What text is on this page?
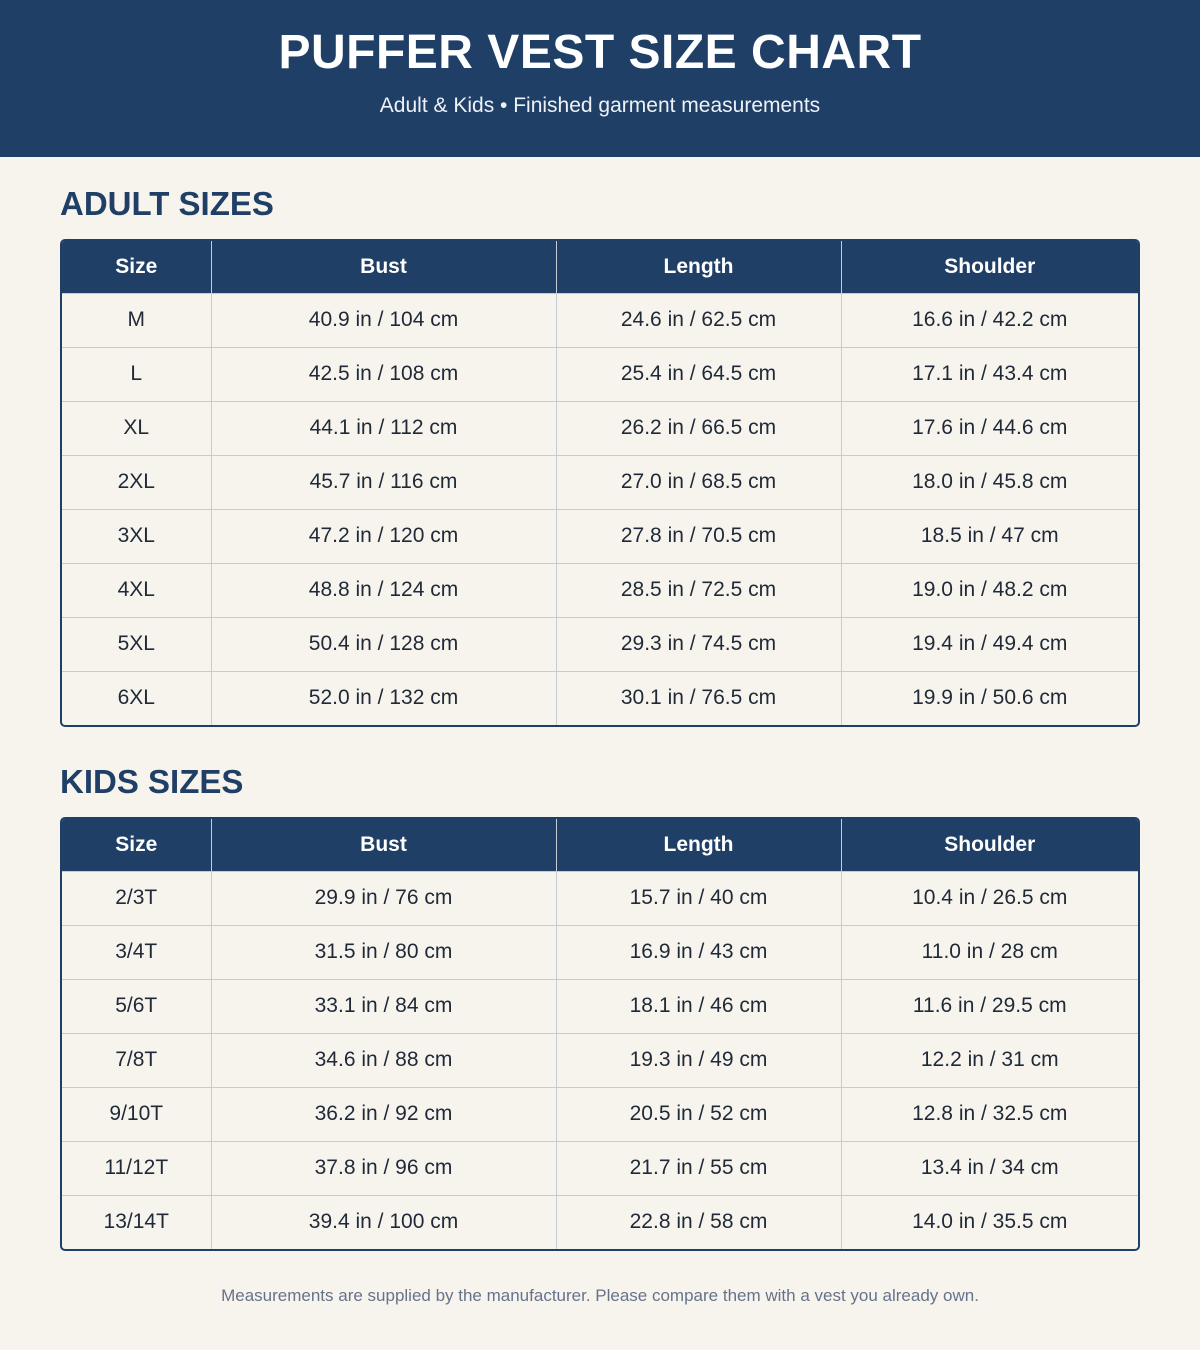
PUFFER VEST SIZE CHART
Adult & Kids • Finished garment measurements
ADULT SIZES
Size	Bust	Length	Shoulder
M	40.9 in / 104 cm	24.6 in / 62.5 cm	16.6 in / 42.2 cm
L	42.5 in / 108 cm	25.4 in / 64.5 cm	17.1 in / 43.4 cm
XL	44.1 in / 112 cm	26.2 in / 66.5 cm	17.6 in / 44.6 cm
2XL	45.7 in / 116 cm	27.0 in / 68.5 cm	18.0 in / 45.8 cm
3XL	47.2 in / 120 cm	27.8 in / 70.5 cm	18.5 in / 47 cm
4XL	48.8 in / 124 cm	28.5 in / 72.5 cm	19.0 in / 48.2 cm
5XL	50.4 in / 128 cm	29.3 in / 74.5 cm	19.4 in / 49.4 cm
6XL	52.0 in / 132 cm	30.1 in / 76.5 cm	19.9 in / 50.6 cm
KIDS SIZES
Size	Bust	Length	Shoulder
2/3T	29.9 in / 76 cm	15.7 in / 40 cm	10.4 in / 26.5 cm
3/4T	31.5 in / 80 cm	16.9 in / 43 cm	11.0 in / 28 cm
5/6T	33.1 in / 84 cm	18.1 in / 46 cm	11.6 in / 29.5 cm
7/8T	34.6 in / 88 cm	19.3 in / 49 cm	12.2 in / 31 cm
9/10T	36.2 in / 92 cm	20.5 in / 52 cm	12.8 in / 32.5 cm
11/12T	37.8 in / 96 cm	21.7 in / 55 cm	13.4 in / 34 cm
13/14T	39.4 in / 100 cm	22.8 in / 58 cm	14.0 in / 35.5 cm
Measurements are supplied by the manufacturer. Please compare them with a vest you already own.
